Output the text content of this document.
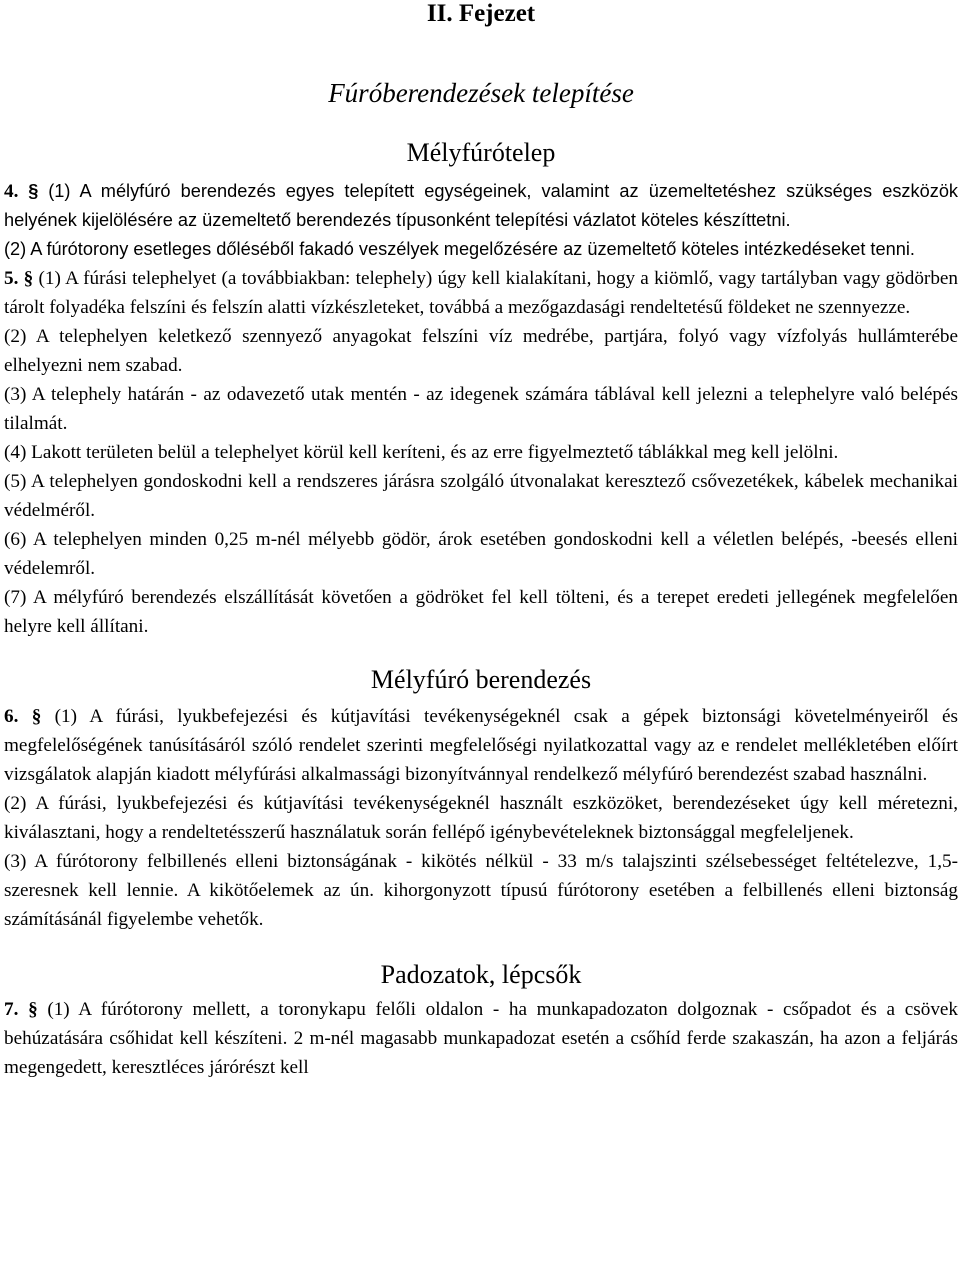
II. Fejezet
Fúróberendezések telepítése
Mélyfúrótelep

4. § (1) A mélyfúró berendezés egyes telepített egységeinek, valamint az üzemeltetéshez szükséges eszközök helyének kijelölésére az üzemeltető berendezés típusonként telepítési vázlatot köteles készíttetni.

(2) A fúrótorony esetleges dőléséből fakadó veszélyek megelőzésére az üzemeltető köteles intézkedéseket tenni.

5. § (1) A fúrási telephelyet (a továbbiakban: telephely) úgy kell kialakítani, hogy a kiömlő, vagy tartályban vagy gödörben tárolt folyadéka felszíni és felszín alatti vízkészleteket, továbbá a mezőgazdasági rendeltetésű földeket ne szennyezze.

(2) A telephelyen keletkező szennyező anyagokat felszíni víz medrébe, partjára, folyó vagy vízfolyás hullámterébe elhelyezni nem szabad.

(3) A telephely határán - az odavezető utak mentén - az idegenek számára táblával kell jelezni a telephelyre való belépés tilalmát.

(4) Lakott területen belül a telephelyet körül kell keríteni, és az erre figyelmeztető táblákkal meg kell jelölni.

(5) A telephelyen gondoskodni kell a rendszeres járásra szolgáló útvonalakat keresztező csővezetékek, kábelek mechanikai védelméről.

(6) A telephelyen minden 0,25 m-nél mélyebb gödör, árok esetében gondoskodni kell a véletlen belépés, -beesés elleni védelemről.

(7) A mélyfúró berendezés elszállítását követően a gödröket fel kell tölteni, és a terepet eredeti jellegének megfelelően helyre kell állítani.

Mélyfúró berendezés

6. § (1) A fúrási, lyukbefejezési és kútjavítási tevékenységeknél csak a gépek biztonsági követelményeiről és megfelelőségének tanúsításáról szóló rendelet szerinti megfelelőségi nyilatkozattal vagy az e rendelet mellékletében előírt vizsgálatok alapján kiadott mélyfúrási alkalmassági bizonyítvánnyal rendelkező mélyfúró berendezést szabad használni.

(2) A fúrási, lyukbefejezési és kútjavítási tevékenységeknél használt eszközöket, berendezéseket úgy kell méretezni, kiválasztani, hogy a rendeltetésszerű használatuk során fellépő igénybevételeknek biztonsággal megfeleljenek.

(3) A fúrótorony felbillenés elleni biztonságának - kikötés nélkül - 33 m/s talajszinti szélsebességet feltételezve, 1,5-szeresnek kell lennie. A kikötőelemek az ún. kihorgonyzott típusú fúrótorony esetében a felbillenés elleni biztonság számításánál figyelembe vehetők.

Padozatok, lépcsők

7. § (1) A fúrótorony mellett, a toronykapu felőli oldalon - ha munkapadozaton dolgoznak - csőpadot és a csövek behúzatására csőhidat kell készíteni. 2 m-nél magasabb munkapadozat esetén a csőhíd ferde szakaszán, ha azon a feljárás megengedett, keresztléces járórészt kell
